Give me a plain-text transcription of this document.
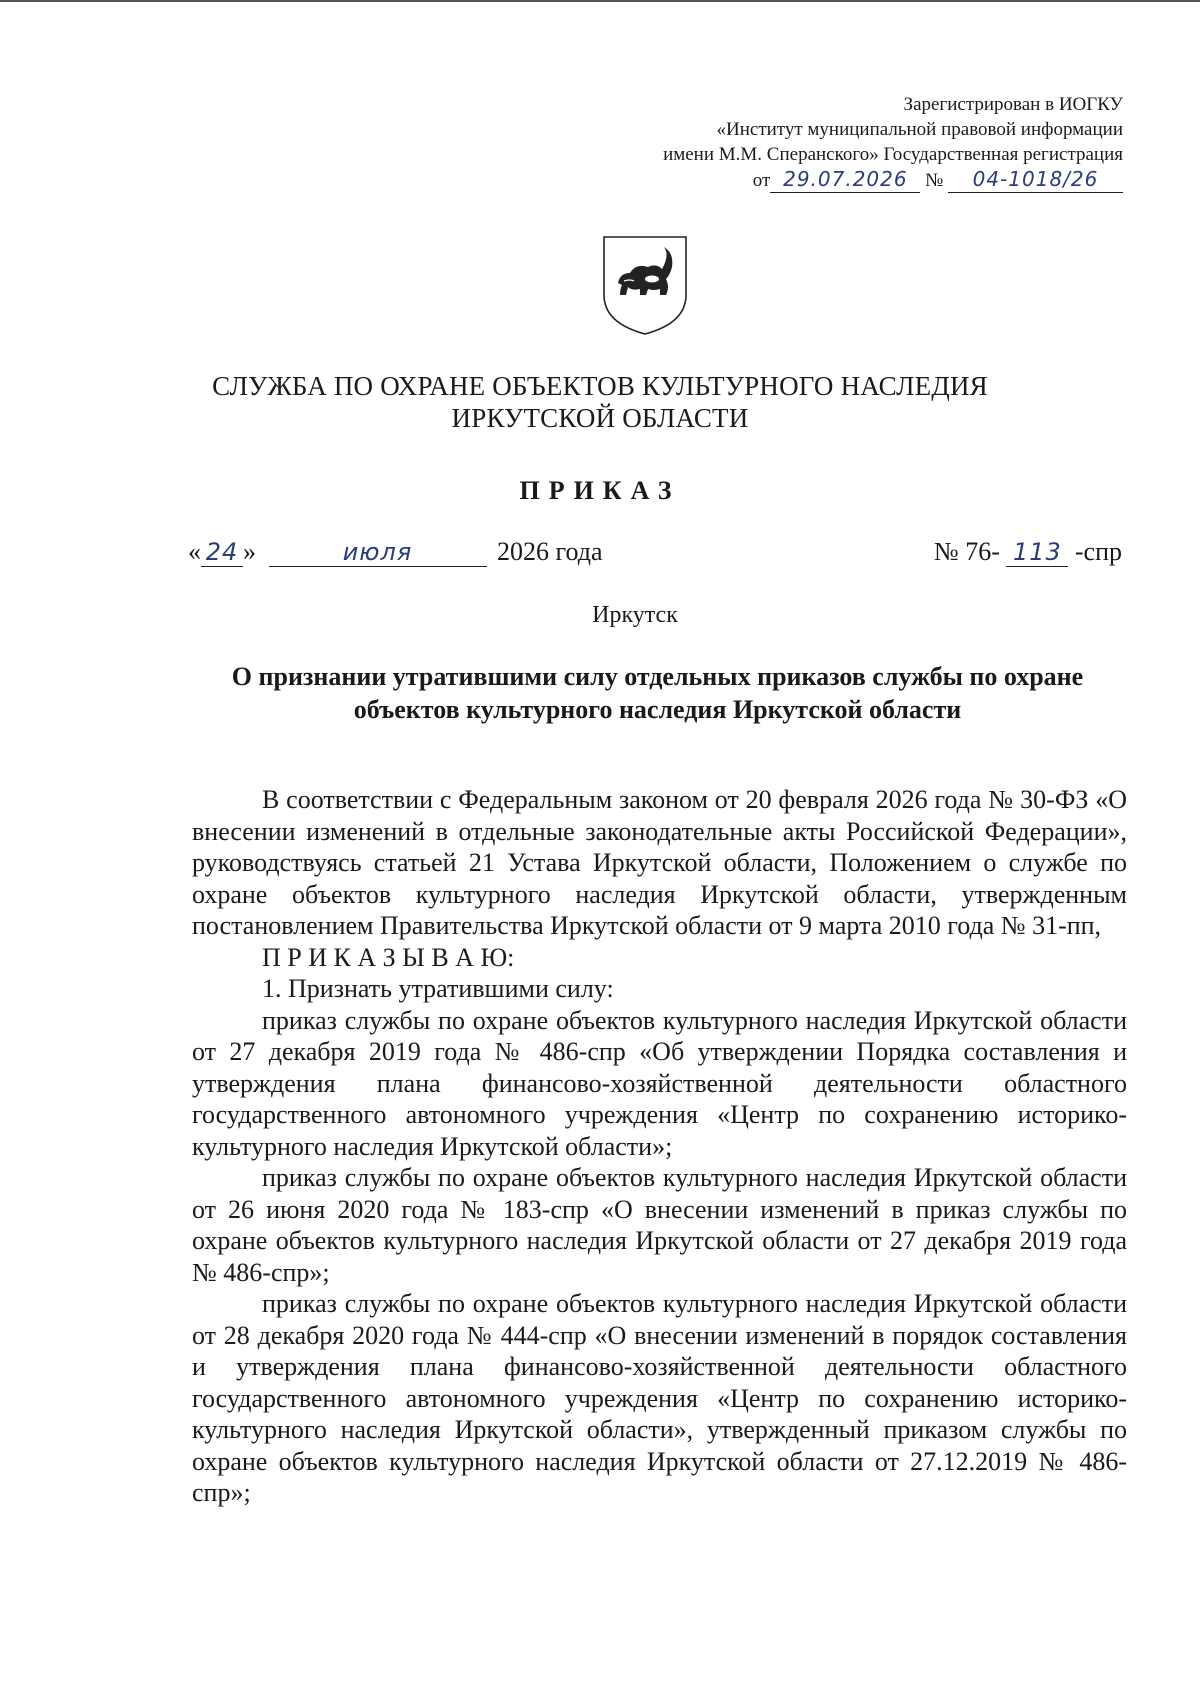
Зарегистрирован в ИОГКУ
«Институт муниципальной правовой информации
имени М.М. Сперанского» Государственная регистрация
от 29.07.2026 № 04-1018/26
СЛУЖБА ПО ОХРАНЕ ОБЪЕКТОВ КУЛЬТУРНОГО НАСЛЕДИЯ
ИРКУТСКОЙ ОБЛАСТИ
ПРИКАЗ
« 24 »	июля	2026 года	№ 76- 113 -спр
Иркутск
О признании утратившими силу отдельных приказов службы по охране объектов культурного наследия Иркутской области

В соответствии с Федеральным законом от 20 февраля 2026 года № 30-ФЗ «О внесении изменений в отдельные законодательные акты Российской Федерации», руководствуясь статьей 21 Устава Иркутской области, Положением о службе по охране объектов культурного наследия Иркутской области, утвержденным постановлением Правительства Иркутской области от 9 марта 2010 года № 31-пп,

П Р И К А З Ы В А Ю:

1. Признать утратившими силу:

приказ службы по охране объектов культурного наследия Иркутской области от 27 декабря 2019 года № 486-спр «Об утверждении Порядка составления и утверждения плана финансово-хозяйственной деятельности областного государственного автономного учреждения «Центр по сохранению историко-культурного наследия Иркутской области»;

приказ службы по охране объектов культурного наследия Иркутской области от 26 июня 2020 года № 183-спр «О внесении изменений в приказ службы по охране объектов культурного наследия Иркутской области от 27 декабря 2019 года № 486-спр»;

приказ службы по охране объектов культурного наследия Иркутской области от 28 декабря 2020 года № 444-спр «О внесении изменений в порядок составления и утверждения плана финансово-хозяйственной деятельности областного государственного автономного учреждения «Центр по сохранению историко-культурного наследия Иркутской области», утвержденный приказом службы по охране объектов культурного наследия Иркутской области от 27.12.2019 № 486-спр»;
